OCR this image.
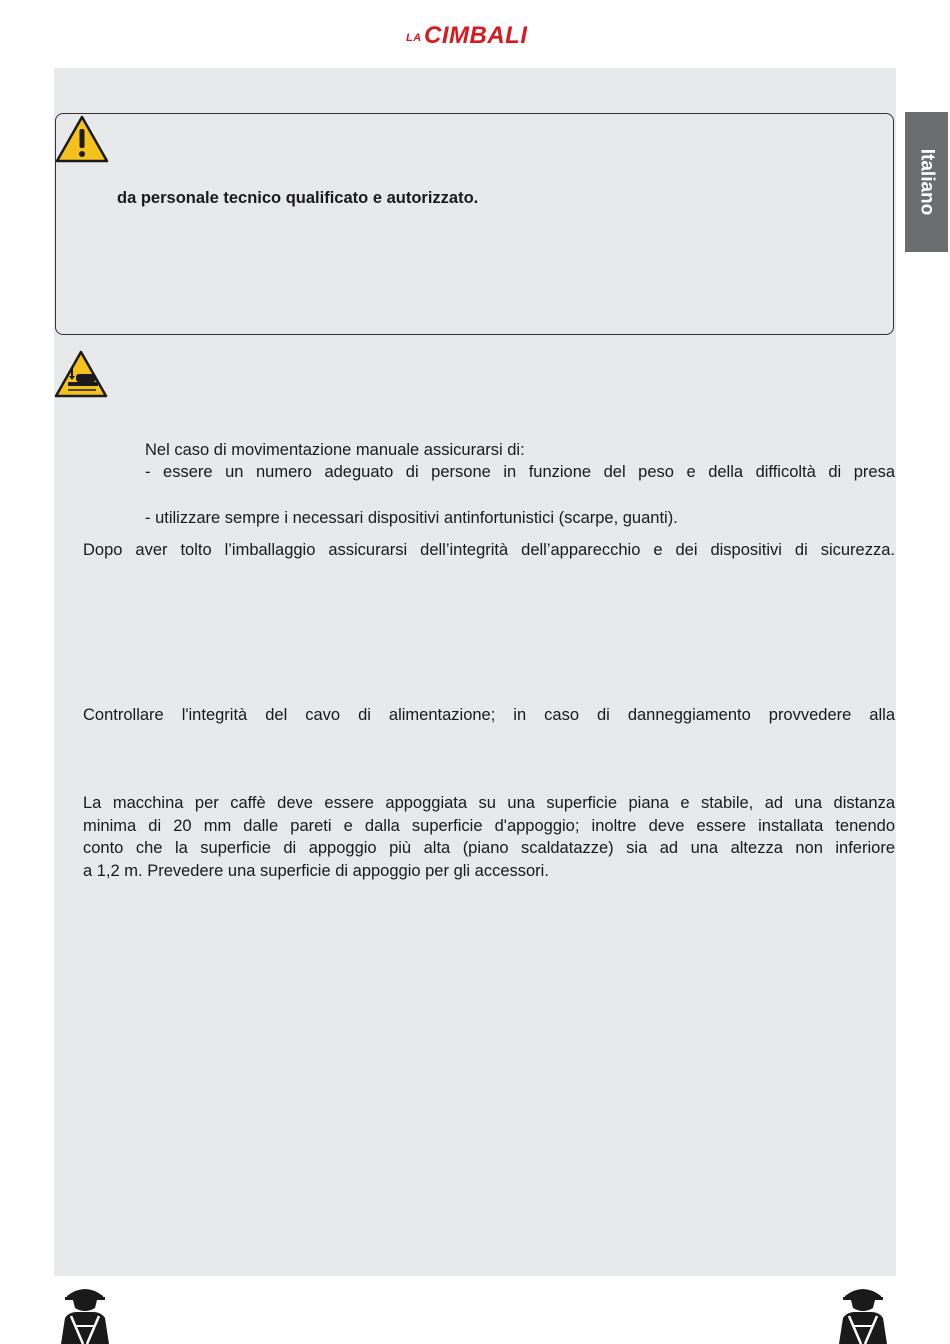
LA CIMBALI
da personale tecnico qualificato e autorizzato.
Nel caso di movimentazione manuale assicurarsi di:
- essere un numero adeguato di persone in funzione del peso e della difficoltà di presa
- utilizzare sempre i necessari dispositivi antinfortunistici (scarpe, guanti).
Dopo aver tolto l’imballaggio assicurarsi dell’integrità dell’apparecchio e dei dispositivi di sicurezza.
Controllare l'integrità del cavo di alimentazione; in caso di danneggiamento provvedere alla
La macchina per caffè deve essere appoggiata su una superficie piana e stabile, ad una distanza
minima di 20 mm dalle pareti e dalla superficie d'appoggio; inoltre deve essere installata tenendo
conto che la superficie di appoggio più alta (piano scaldatazze) sia ad una altezza non inferiore
a 1,2 m. Prevedere una superficie di appoggio per gli accessori.
Italiano
